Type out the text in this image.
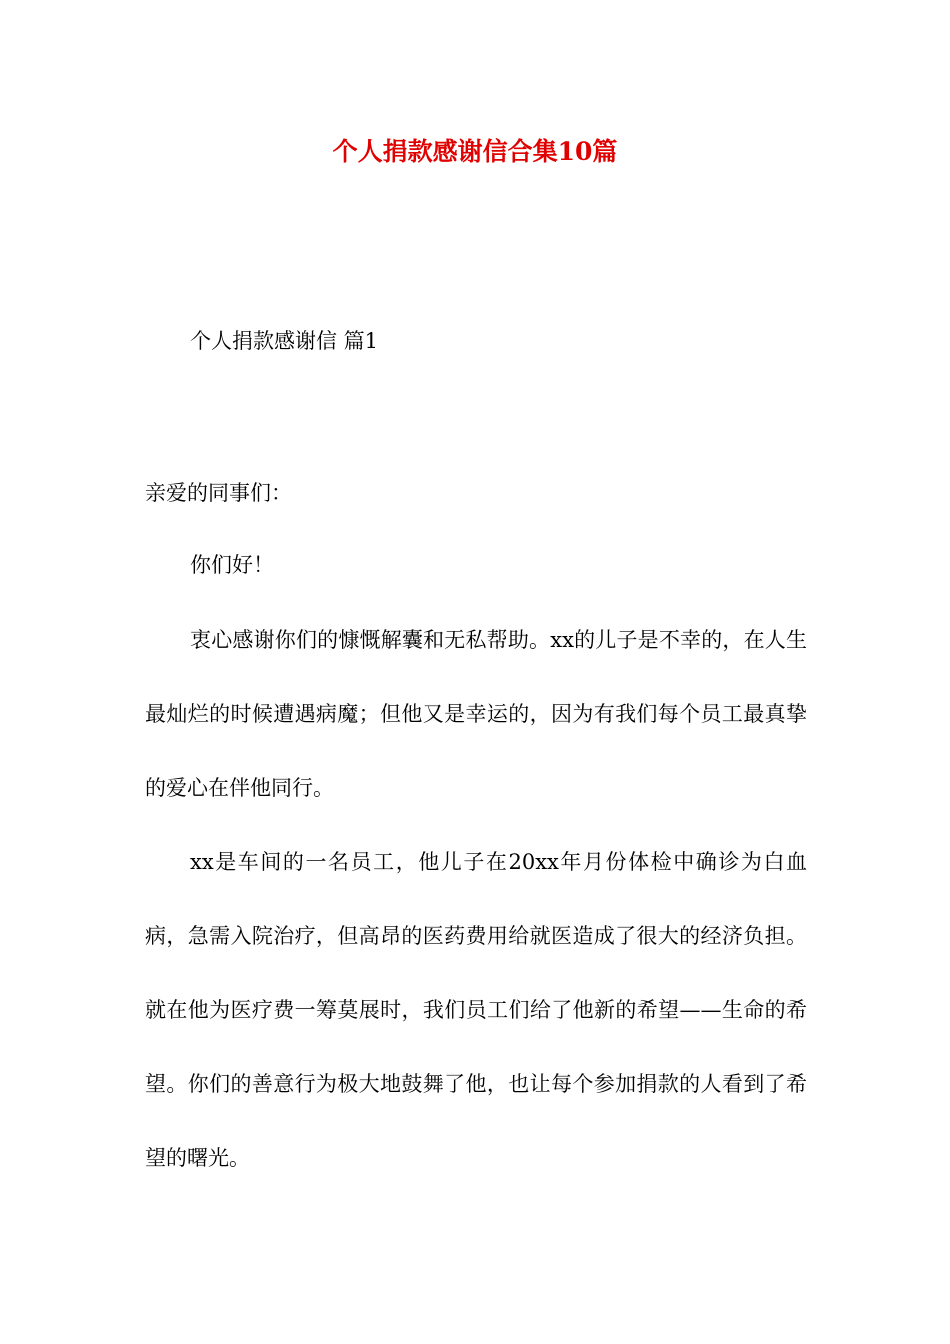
个人捐款感谢信合集10篇
个人捐款感谢信 篇1

亲爱的同事们：

你们好！

衷心感谢你们的慷慨解囊和无私帮助。xx的儿子是不幸的，在人生最灿烂的时候遭遇病魔；但他又是幸运的，因为有我们每个员工最真挚的爱心在伴他同行。

xx是车间的一名员工，他儿子在20xx年月份体检中确诊为白血病，急需入院治疗，但高昂的医药费用给就医造成了很大的经济负担。就在他为医疗费一筹莫展时，我们员工们给了他新的希望——生命的希望。你们的善意行为极大地鼓舞了他，也让每个参加捐款的人看到了希望的曙光。
